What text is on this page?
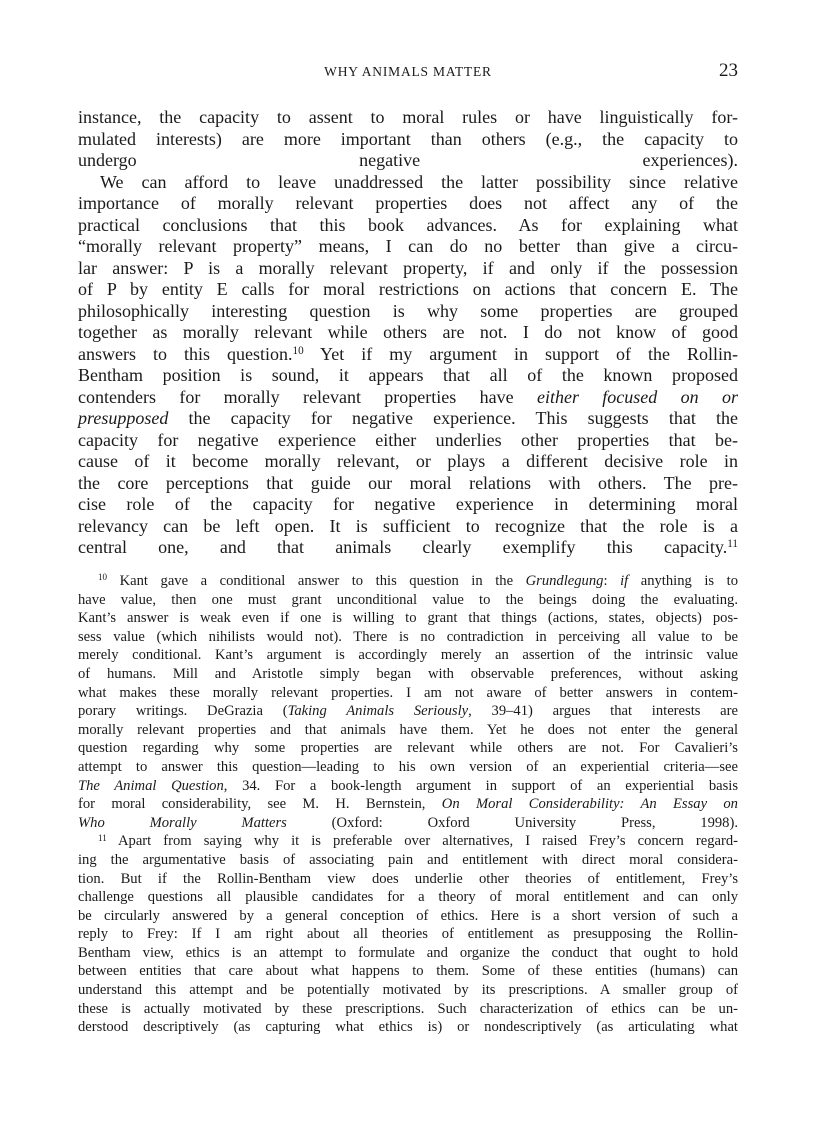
WHY ANIMALS MATTER	23
instance, the capacity to assent to moral rules or have linguistically for-
mulated interests) are more important than others (e.g., the capacity to
undergo negative experiences).
We can afford to leave unaddressed the latter possibility since relative
importance of morally relevant properties does not affect any of the
practical conclusions that this book advances. As for explaining what
“morally relevant property” means, I can do no better than give a circu-
lar answer: P is a morally relevant property, if and only if the possession
of P by entity E calls for moral restrictions on actions that concern E. The
philosophically interesting question is why some properties are grouped
together as morally relevant while others are not. I do not know of good
answers to this question.$^{10}$ Yet if my argument in support of the Rollin-
Bentham position is sound, it appears that all of the known proposed
contenders for morally relevant properties have either focused on or
presupposed the capacity for negative experience. This suggests that the
capacity for negative experience either underlies other properties that be-
cause of it become morally relevant, or plays a different decisive role in
the core perceptions that guide our moral relations with others. The pre-
cise role of the capacity for negative experience in determining moral
relevancy can be left open. It is sufficient to recognize that the role is a
central one, and that animals clearly exemplify this capacity.$^{11}$
$^{10}$ Kant gave a conditional answer to this question in the Grundlegung: if anything is to
have value, then one must grant unconditional value to the beings doing the evaluating.
Kant’s answer is weak even if one is willing to grant that things (actions, states, objects) pos-
sess value (which nihilists would not). There is no contradiction in perceiving all value to be
merely conditional. Kant’s argument is accordingly merely an assertion of the intrinsic value
of humans. Mill and Aristotle simply began with observable preferences, without asking
what makes these morally relevant properties. I am not aware of better answers in contem-
porary writings. DeGrazia (Taking Animals Seriously, 39–41) argues that interests are
morally relevant properties and that animals have them. Yet he does not enter the general
question regarding why some properties are relevant while others are not. For Cavalieri’s
attempt to answer this question—leading to his own version of an experiential criteria—see
The Animal Question, 34. For a book-length argument in support of an experiential basis
for moral considerability, see M. H. Bernstein, On Moral Considerability: An Essay on
Who Morally Matters (Oxford: Oxford University Press, 1998).
$^{11}$ Apart from saying why it is preferable over alternatives, I raised Frey’s concern regard-
ing the argumentative basis of associating pain and entitlement with direct moral considera-
tion. But if the Rollin-Bentham view does underlie other theories of entitlement, Frey’s
challenge questions all plausible candidates for a theory of moral entitlement and can only
be circularly answered by a general conception of ethics. Here is a short version of such a
reply to Frey: If I am right about all theories of entitlement as presupposing the Rollin-
Bentham view, ethics is an attempt to formulate and organize the conduct that ought to hold
between entities that care about what happens to them. Some of these entities (humans) can
understand this attempt and be potentially motivated by its prescriptions. A smaller group of
these is actually motivated by these prescriptions. Such characterization of ethics can be un-
derstood descriptively (as capturing what ethics is) or nondescriptively (as articulating what
